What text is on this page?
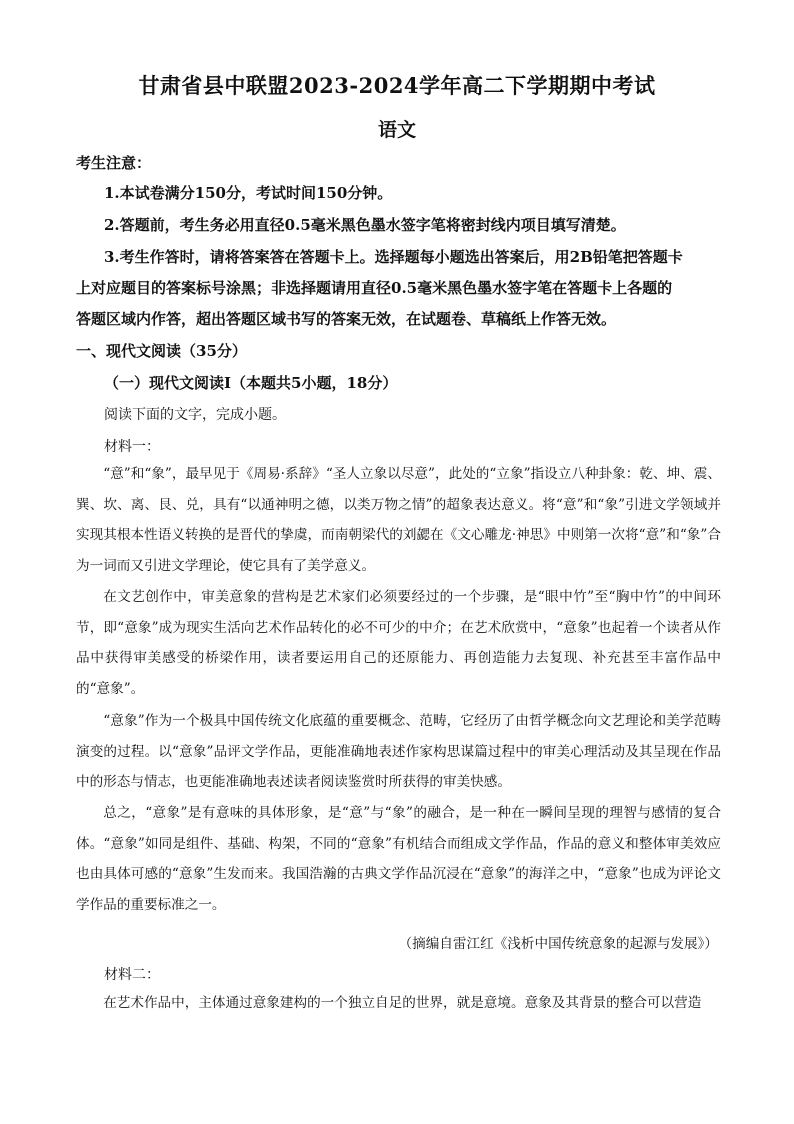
甘肃省县中联盟2023-2024学年高二下学期期中考试
语文
考生注意：
1.本试卷满分150分，考试时间150分钟。
2.答题前，考生务必用直径0.5毫米黑色墨水签字笔将密封线内项目填写清楚。
3.考生作答时，请将答案答在答题卡上。选择题每小题选出答案后，用2B铅笔把答题卡
上对应题目的答案标号涂黑；非选择题请用直径0.5毫米黑色墨水签字笔在答题卡上各题的
答题区域内作答，超出答题区域书写的答案无效，在试题卷、草稿纸上作答无效。
一、现代文阅读（35分）
（一）现代文阅读Ⅰ（本题共5小题，18分）
阅读下面的文字，完成小题。
材料一：
“意”和“象”，最早见于《周易·系辞》“圣人立象以尽意”，此处的“立象”指设立八种卦象：乾、坤、震、巽、坎、离、艮、兑，具有“以通神明之德，以类万物之情”的超象表达意义。将“意”和“象”引进文学领域并实现其根本性语义转换的是晋代的挚虞，而南朝梁代的刘勰在《文心雕龙·神思》中则第一次将“意”和“象”合为一词而又引进文学理论，使它具有了美学意义。
在文艺创作中，审美意象的营构是艺术家们必须要经过的一个步骤，是“眼中竹”至“胸中竹”的中间环节，即“意象”成为现实生活向艺术作品转化的必不可少的中介；在艺术欣赏中，“意象”也起着一个读者从作品中获得审美感受的桥梁作用，读者要运用自己的还原能力、再创造能力去复现、补充甚至丰富作品中的“意象”。
“意象”作为一个极具中国传统文化底蕴的重要概念、范畴，它经历了由哲学概念向文艺理论和美学范畴演变的过程。以“意象”品评文学作品，更能准确地表述作家构思谋篇过程中的审美心理活动及其呈现在作品中的形态与情志，也更能准确地表述读者阅读鉴赏时所获得的审美快感。
总之，“意象”是有意味的具体形象，是“意”与“象”的融合，是一种在一瞬间呈现的理智与感情的复合体。“意象”如同是组件、基础、构架，不同的“意象”有机结合而组成文学作品，作品的意义和整体审美效应也由具体可感的“意象”生发而来。我国浩瀚的古典文学作品沉浸在“意象”的海洋之中，“意象”也成为评论文学作品的重要标准之一。
（摘编自雷江红《浅析中国传统意象的起源与发展》）
材料二：
在艺术作品中，主体通过意象建构的一个独立自足的世界，就是意境。意象及其背景的整合可以营造
